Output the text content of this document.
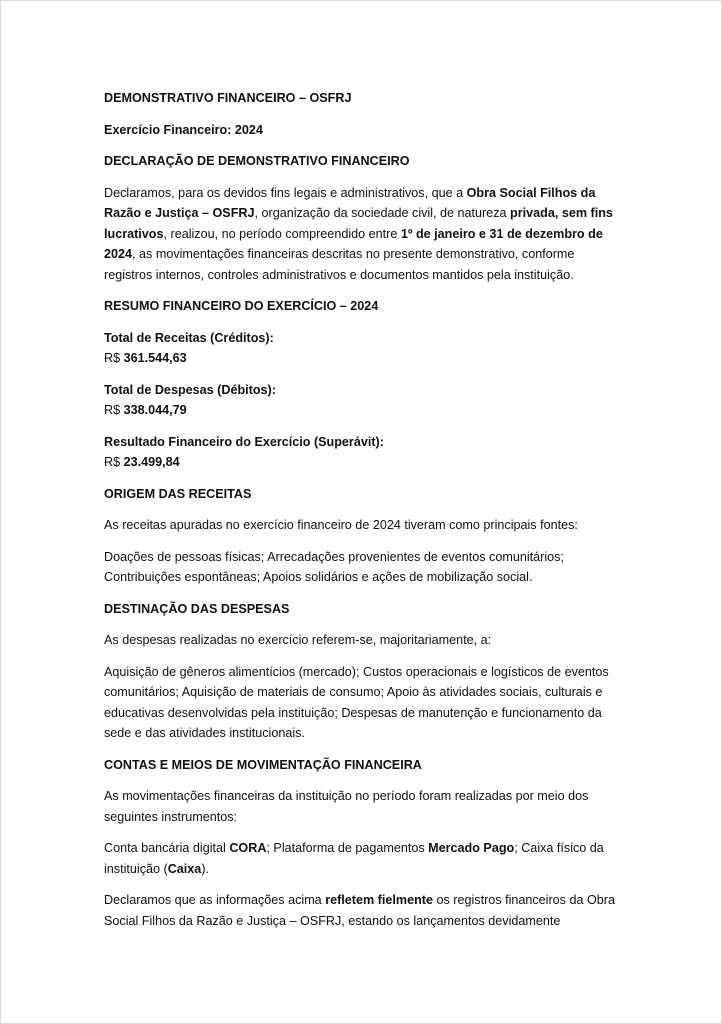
DEMONSTRATIVO FINANCEIRO – OSFRJ
Exercício Financeiro: 2024
DECLARAÇÃO DE DEMONSTRATIVO FINANCEIRO

Declaramos, para os devidos fins legais e administrativos, que a Obra Social Filhos da Razão e Justiça – OSFRJ, organização da sociedade civil, de natureza privada, sem fins lucrativos, realizou, no período compreendido entre 1º de janeiro e 31 de dezembro de 2024, as movimentações financeiras descritas no presente demonstrativo, conforme registros internos, controles administrativos e documentos mantidos pela instituição.

RESUMO FINANCEIRO DO EXERCÍCIO – 2024
Total de Receitas (Créditos):
R$ 361.544,63
Total de Despesas (Débitos):
R$ 338.044,79
Resultado Financeiro do Exercício (Superávit):
R$ 23.499,84
ORIGEM DAS RECEITAS

As receitas apuradas no exercício financeiro de 2024 tiveram como principais fontes:

Doações de pessoas físicas; Arrecadações provenientes de eventos comunitários; Contribuições espontâneas; Apoios solidários e ações de mobilização social.

DESTINAÇÃO DAS DESPESAS

As despesas realizadas no exercício referem-se, majoritariamente, a:

Aquisição de gêneros alimentícios (mercado); Custos operacionais e logísticos de eventos comunitários; Aquisição de materiais de consumo; Apoio às atividades sociais, culturais e educativas desenvolvidas pela instituição; Despesas de manutenção e funcionamento da sede e das atividades institucionais.

CONTAS E MEIOS DE MOVIMENTAÇÃO FINANCEIRA

As movimentações financeiras da instituição no período foram realizadas por meio dos seguintes instrumentos:

Conta bancária digital CORA; Plataforma de pagamentos Mercado Pago; Caixa físico da instituição (Caixa).

Declaramos que as informações acima refletem fielmente os registros financeiros da Obra Social Filhos da Razão e Justiça – OSFRJ, estando os lançamentos devidamente
